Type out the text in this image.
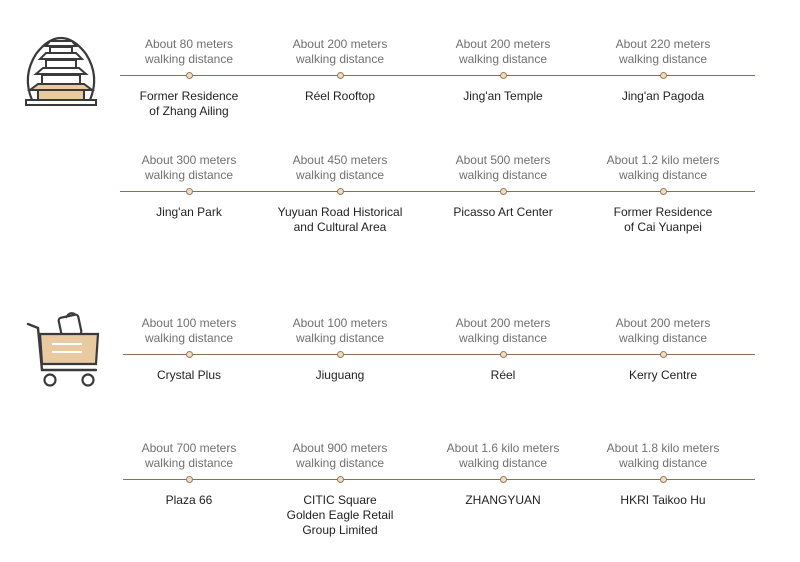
About 80 meters
walking distance
Former Residence
of Zhang Ailing
About 200 meters
walking distance
Réel Rooftop
About 200 meters
walking distance
Jing'an Temple
About 220 meters
walking distance
Jing'an Pagoda
About 300 meters
walking distance
Jing'an Park
About 450 meters
walking distance
Yuyuan Road Historical
and Cultural Area
About 500 meters
walking distance
Picasso Art Center
About 1.2 kilo meters
walking distance
Former Residence
of Cai Yuanpei
About 100 meters
walking distance
Crystal Plus
About 100 meters
walking distance
Jiuguang
About 200 meters
walking distance
Réel
About 200 meters
walking distance
Kerry Centre
About 700 meters
walking distance
Plaza 66
About 900 meters
walking distance
CITIC Square
Golden Eagle Retail
Group Limited
About 1.6 kilo meters
walking distance
ZHANGYUAN
About 1.8 kilo meters
walking distance
HKRI Taikoo Hu
